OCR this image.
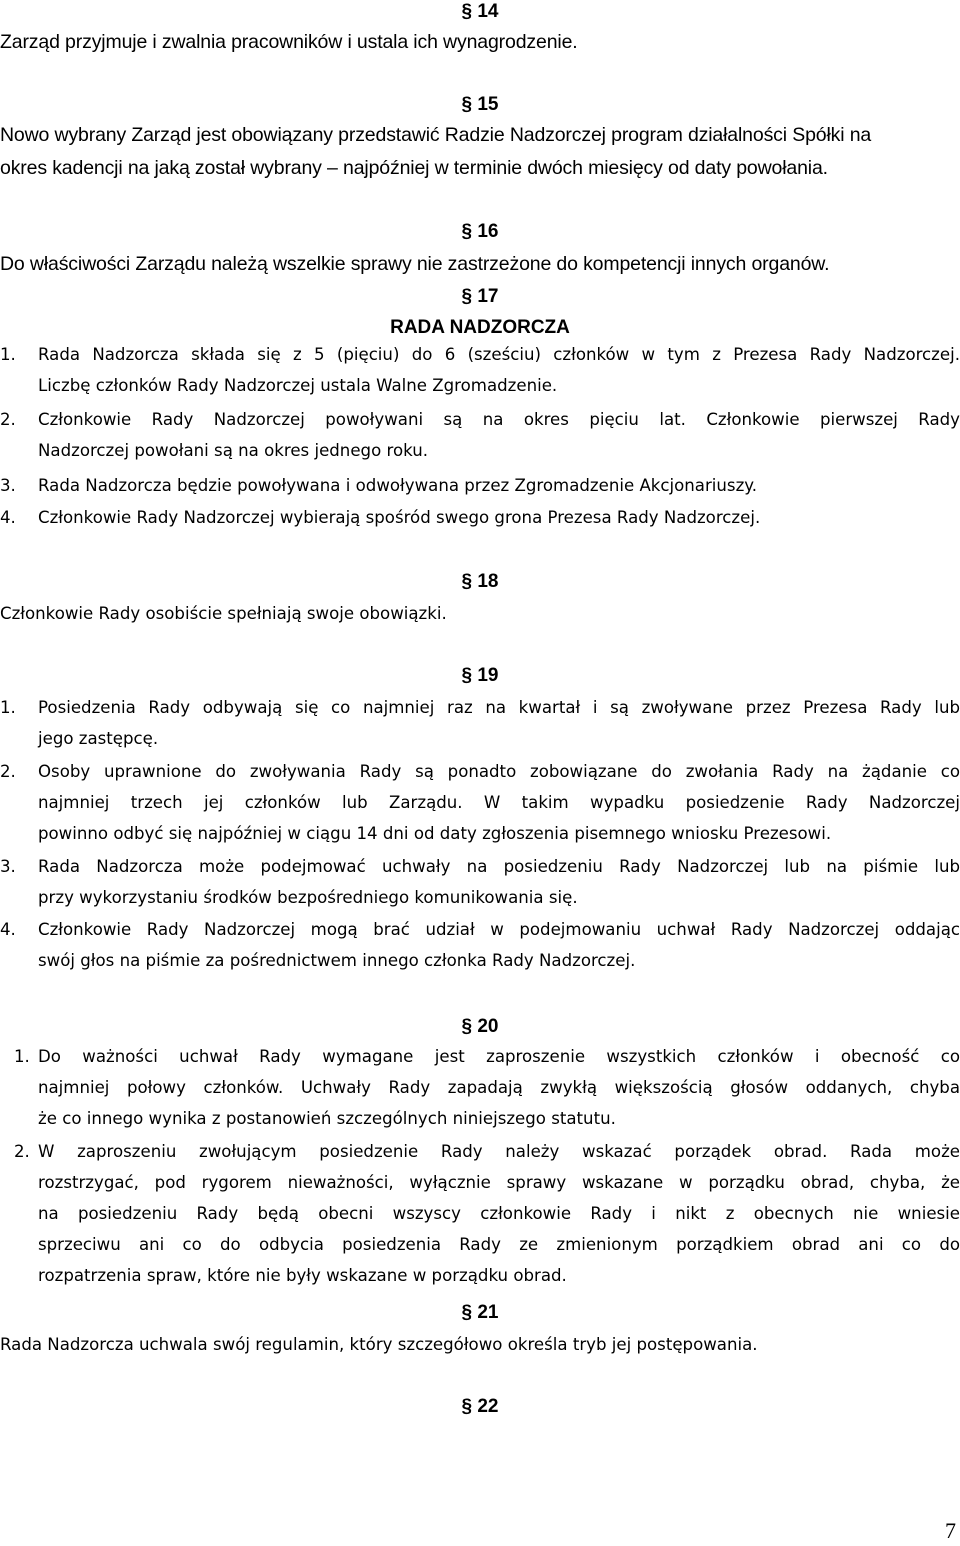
§ 14
Zarząd przyjmuje i zwalnia pracowników i ustala ich wynagrodzenie.
§ 15
Nowo wybrany Zarząd jest obowiązany przedstawić Radzie Nadzorczej program działalności Spółki na
okres kadencji na jaką został wybrany – najpóźniej w terminie dwóch miesięcy od daty powołania.
§ 16
Do właściwości Zarządu należą wszelkie sprawy nie zastrzeżone do kompetencji innych organów.
§ 17
RADA NADZORCZA
1.	Rada Nadzorcza składa się z 5 (pięciu) do 6 (sześciu) członków w tym z Prezesa Rady Nadzorczej.
Liczbę członków Rady Nadzorczej ustala Walne Zgromadzenie.
2.	Członkowie Rady Nadzorczej powoływani są na okres pięciu lat. Członkowie pierwszej Rady
Nadzorczej powołani są na okres jednego roku.
3.	Rada Nadzorcza będzie powoływana i odwoływana przez Zgromadzenie Akcjonariuszy.
4.	Członkowie Rady Nadzorczej wybierają spośród swego grona Prezesa Rady Nadzorczej.
§ 18
Członkowie Rady osobiście spełniają swoje obowiązki.
§ 19
1.	Posiedzenia Rady odbywają się co najmniej raz na kwartał i są zwoływane przez Prezesa Rady lub
jego zastępcę.
2.	Osoby uprawnione do zwoływania Rady są ponadto zobowiązane do zwołania Rady na żądanie co
najmniej trzech jej członków lub Zarządu. W takim wypadku posiedzenie Rady Nadzorczej
powinno odbyć się najpóźniej w ciągu 14 dni od daty zgłoszenia pisemnego wniosku Prezesowi.
3.	Rada Nadzorcza może podejmować uchwały na posiedzeniu Rady Nadzorczej lub na piśmie lub
przy wykorzystaniu środków bezpośredniego komunikowania się.
4.	Członkowie Rady Nadzorczej mogą brać udział w podejmowaniu uchwał Rady Nadzorczej oddając
swój głos na piśmie za pośrednictwem innego członka Rady Nadzorczej.
§ 20
1. Do ważności uchwał Rady wymagane jest zaproszenie wszystkich członków i obecność co
najmniej połowy członków. Uchwały Rady zapadają zwykłą większością głosów oddanych, chyba
że co innego wynika z postanowień szczególnych niniejszego statutu.
2. W zaproszeniu zwołującym posiedzenie Rady należy wskazać porządek obrad. Rada może
rozstrzygać, pod rygorem nieważności, wyłącznie sprawy wskazane w porządku obrad, chyba, że
na posiedzeniu Rady będą obecni wszyscy członkowie Rady i nikt z obecnych nie wniesie
sprzeciwu ani co do odbycia posiedzenia Rady ze zmienionym porządkiem obrad ani co do
rozpatrzenia spraw, które nie były wskazane w porządku obrad.
§ 21
Rada Nadzorcza uchwala swój regulamin, który szczegółowo określa tryb jej postępowania.
§ 22
7
